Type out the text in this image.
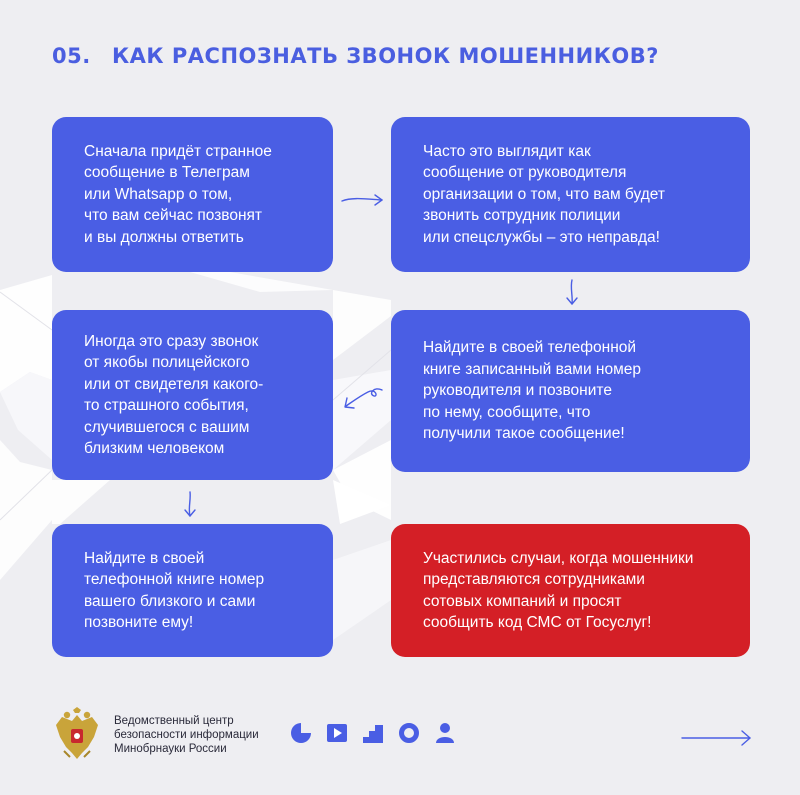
05.	КАК РАСПОЗНАТЬ ЗВОНОК МОШЕННИКОВ?
Сначала придёт странное
сообщение в Телеграм
или Whatsapp о том,
что вам сейчас позвонят
и вы должны ответить
Часто это выглядит как
сообщение от руководителя
организации о том, что вам будет
звонить сотрудник полиции
или спецслужбы – это неправда!
Иногда это сразу звонок
от якобы полицейского
или от свидетеля какого-
то страшного события,
случившегося с вашим
близким человеком
Найдите в своей телефонной
книге записанный вами номер
руководителя и позвоните
по нему, сообщите, что
получили такое сообщение!
Найдите в своей
телефонной книге номер
вашего близкого и сами
позвоните ему!
Участились случаи, когда мошенники
представляются сотрудниками
сотовых компаний и просят
сообщить код СМС от Госуслуг!
Ведомственный центр
безопасности информации
Минобрнауки России
